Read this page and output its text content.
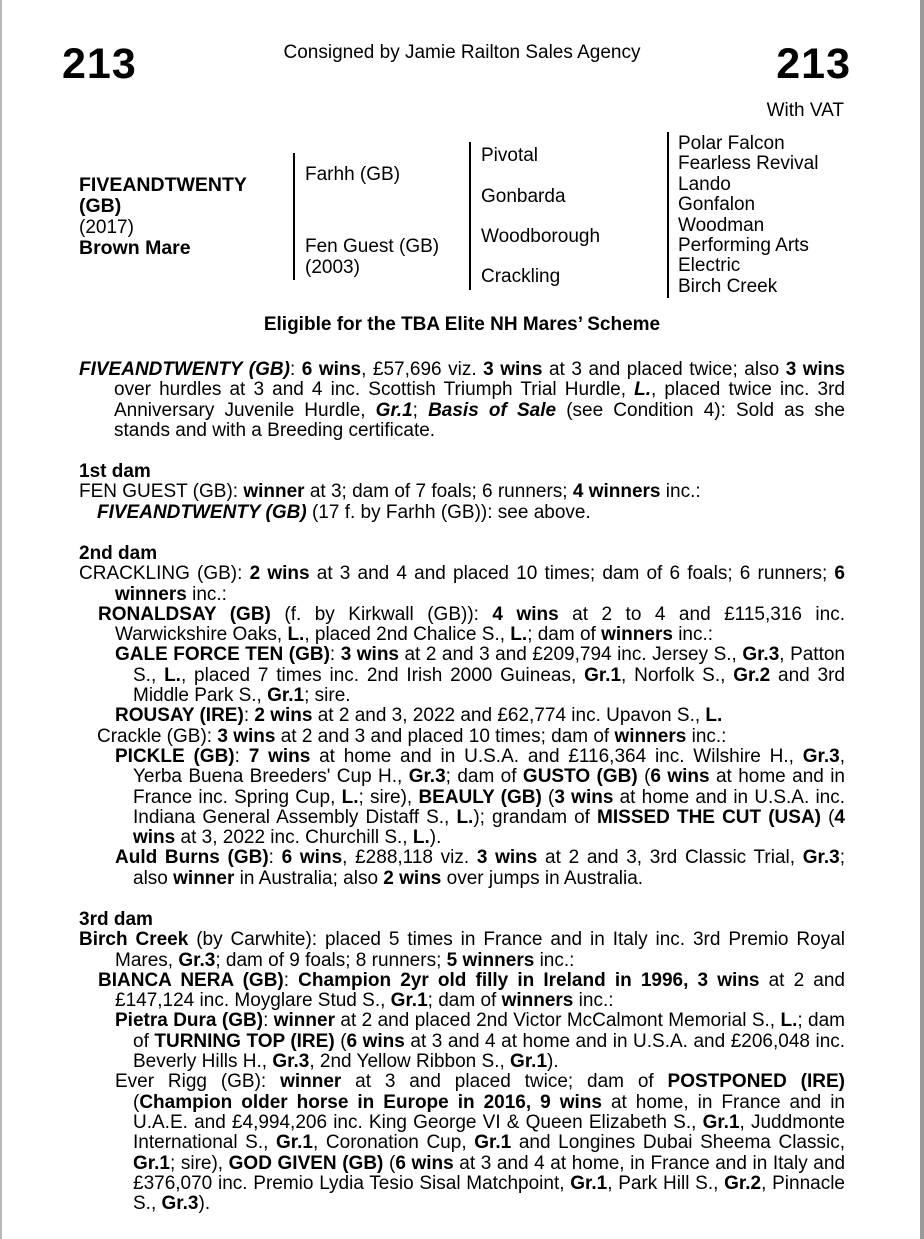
213	Consigned by Jamie Railton Sales Agency	213
With VAT
FIVEANDTWENTY
(GB)
(2017)
Brown Mare
Farhh (GB)
Fen Guest (GB)
(2003)
Pivotal
Gonbarda
Woodborough
Crackling
Polar Falcon
Fearless Revival
Lando
Gonfalon
Woodman
Performing Arts
Electric
Birch Creek
Eligible for the TBA Elite NH Mares’ Scheme
FIVEANDTWENTY (GB): 6 wins, £57,696 viz. 3 wins at 3 and placed twice; also 3 wins over hurdles at 3 and 4 inc. Scottish Triumph Trial Hurdle, L., placed twice inc. 3rd Anniversary Juvenile Hurdle, Gr.1; Basis of Sale (see Condition 4): Sold as she stands and with a Breeding certificate.
1st dam
FEN GUEST (GB): winner at 3; dam of 7 foals; 6 runners; 4 winners inc.:
FIVEANDTWENTY (GB) (17 f. by Farhh (GB)): see above.
2nd dam
CRACKLING (GB): 2 wins at 3 and 4 and placed 10 times; dam of 6 foals; 6 runners; 6 winners inc.:
RONALDSAY (GB) (f. by Kirkwall (GB)): 4 wins at 2 to 4 and £115,316 inc. Warwickshire Oaks, L., placed 2nd Chalice S., L.; dam of winners inc.:
GALE FORCE TEN (GB): 3 wins at 2 and 3 and £209,794 inc. Jersey S., Gr.3, Patton S., L., placed 7 times inc. 2nd Irish 2000 Guineas, Gr.1, Norfolk S., Gr.2 and 3rd Middle Park S., Gr.1; sire.
ROUSAY (IRE): 2 wins at 2 and 3, 2022 and £62,774 inc. Upavon S., L.
Crackle (GB): 3 wins at 2 and 3 and placed 10 times; dam of winners inc.:
PICKLE (GB): 7 wins at home and in U.S.A. and £116,364 inc. Wilshire H., Gr.3, Yerba Buena Breeders' Cup H., Gr.3; dam of GUSTO (GB) (6 wins at home and in France inc. Spring Cup, L.; sire), BEAULY (GB) (3 wins at home and in U.S.A. inc. Indiana General Assembly Distaff S., L.); grandam of MISSED THE CUT (USA) (4 wins at 3, 2022 inc. Churchill S., L.).
Auld Burns (GB): 6 wins, £288,118 viz. 3 wins at 2 and 3, 3rd Classic Trial, Gr.3; also winner in Australia; also 2 wins over jumps in Australia.
3rd dam
Birch Creek (by Carwhite): placed 5 times in France and in Italy inc. 3rd Premio Royal Mares, Gr.3; dam of 9 foals; 8 runners; 5 winners inc.:
BIANCA NERA (GB): Champion 2yr old filly in Ireland in 1996, 3 wins at 2 and £147,124 inc. Moyglare Stud S., Gr.1; dam of winners inc.:
Pietra Dura (GB): winner at 2 and placed 2nd Victor McCalmont Memorial S., L.; dam of TURNING TOP (IRE) (6 wins at 3 and 4 at home and in U.S.A. and £206,048 inc. Beverly Hills H., Gr.3, 2nd Yellow Ribbon S., Gr.1).
Ever Rigg (GB): winner at 3 and placed twice; dam of POSTPONED (IRE) (Champion older horse in Europe in 2016, 9 wins at home, in France and in U.A.E. and £4,994,206 inc. King George VI & Queen Elizabeth S., Gr.1, Juddmonte International S., Gr.1, Coronation Cup, Gr.1 and Longines Dubai Sheema Classic, Gr.1; sire), GOD GIVEN (GB) (6 wins at 3 and 4 at home, in France and in Italy and £376,070 inc. Premio Lydia Tesio Sisal Matchpoint, Gr.1, Park Hill S., Gr.2, Pinnacle S., Gr.3).
